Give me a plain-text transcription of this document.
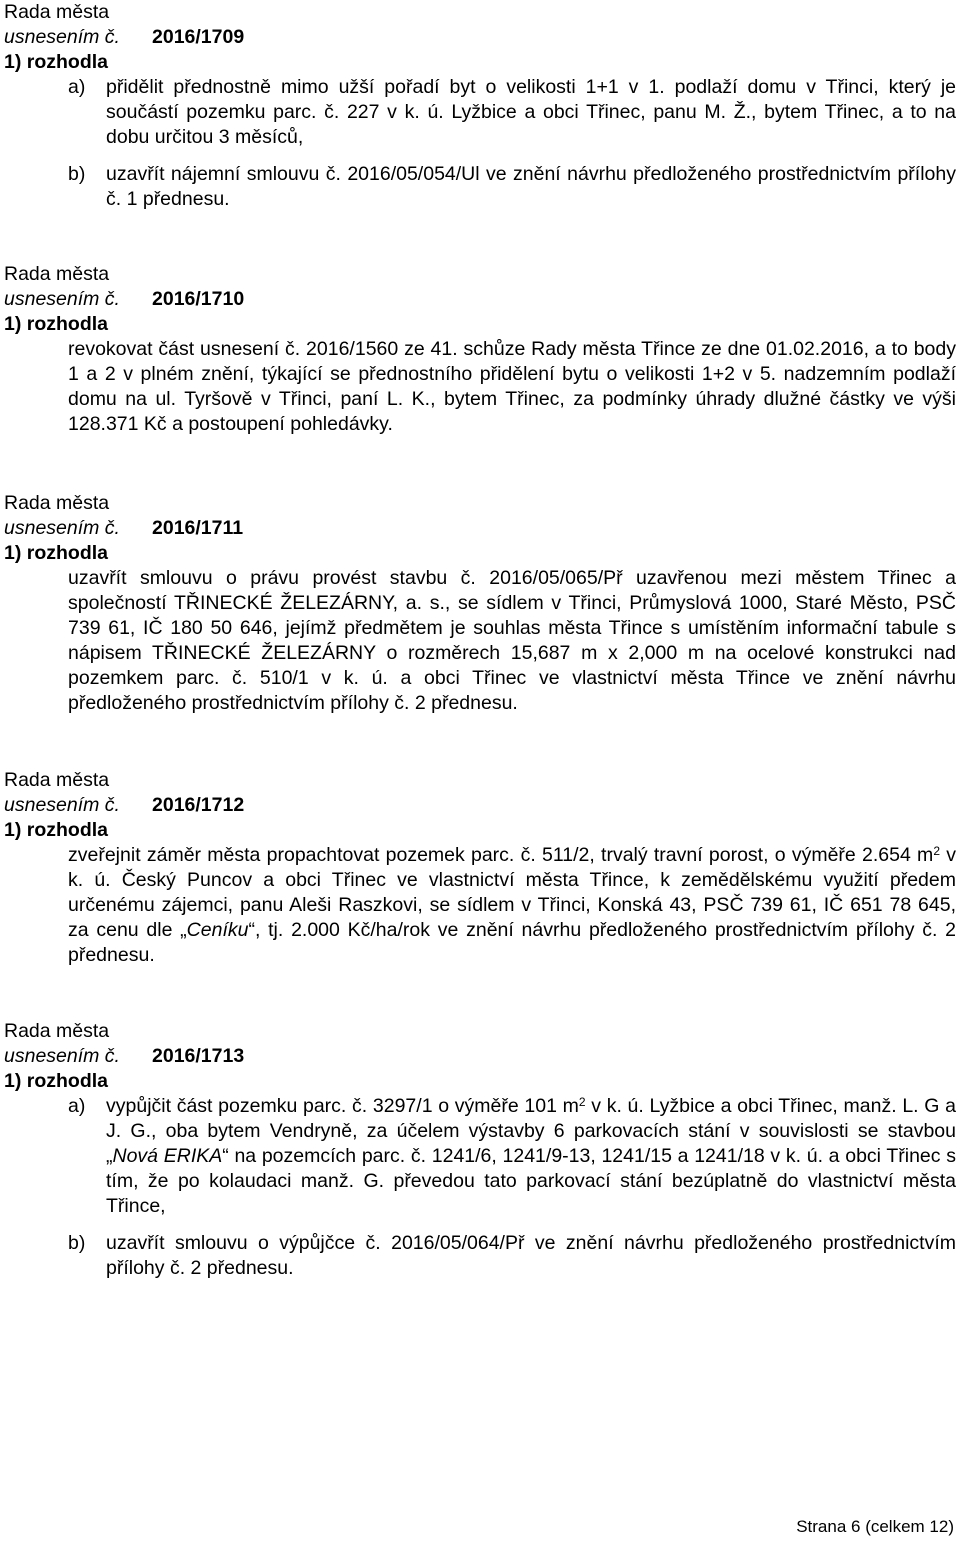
Rada města
usnesením č. 2016/1709
1) rozhodla
a) přidělit přednostně mimo užší pořadí byt o velikosti 1+1 v 1. podlaží domu v Třinci, který je součástí pozemku parc. č. 227 v k. ú. Lyžbice a obci Třinec, panu M. Ž., bytem Třinec, a to na dobu určitou 3 měsíců,
b) uzavřít nájemní smlouvu č. 2016/05/054/Ul ve znění návrhu předloženého prostřednictvím přílohy č. 1 přednesu.
Rada města
usnesením č. 2016/1710
1) rozhodla
revokovat část usnesení č. 2016/1560 ze 41. schůze Rady města Třince ze dne 01.02.2016, a to body 1 a 2 v plném znění, týkající se přednostního přidělení bytu o velikosti 1+2 v 5. nadzemním podlaží domu na ul. Tyršově v Třinci, paní L. K., bytem Třinec, za podmínky úhrady dlužné částky ve výši 128.371 Kč a postoupení pohledávky.
Rada města
usnesením č. 2016/1711
1) rozhodla
uzavřít smlouvu o právu provést stavbu č. 2016/05/065/Př uzavřenou mezi městem Třinec a společností TŘINECKÉ ŽELEZÁRNY, a. s., se sídlem v Třinci, Průmyslová 1000, Staré Město, PSČ 739 61, IČ 180 50 646, jejímž předmětem je souhlas města Třince s umístěním informační tabule s nápisem TŘINECKÉ ŽELEZÁRNY o rozměrech 15,687 m x 2,000 m na ocelové konstrukci nad pozemkem parc. č. 510/1 v k. ú. a obci Třinec ve vlastnictví města Třince ve znění návrhu předloženého prostřednictvím přílohy č. 2 přednesu.
Rada města
usnesením č. 2016/1712
1) rozhodla
zveřejnit záměr města propachtovat pozemek parc. č. 511/2, trvalý travní porost, o výměře 2.654 $m^2$ v k. ú. Český Puncov a obci Třinec ve vlastnictví města Třince, k zemědělskému využití předem určenému zájemci, panu Aleši Raszkovi, se sídlem v Třinci, Konská 43, PSČ 739 61, IČ 651 78 645, za cenu dle „Ceníku“, tj. 2.000 Kč/ha/rok ve znění návrhu předloženého prostřednictvím přílohy č. 2 přednesu.
Rada města
usnesením č. 2016/1713
1) rozhodla
a) vypůjčit část pozemku parc. č. 3297/1 o výměře 101 $m^2$ v k. ú. Lyžbice a obci Třinec, manž. L. G a J. G., oba bytem Vendryně, za účelem výstavby 6 parkovacích stání v souvislosti se stavbou „Nová ERIKA“ na pozemcích parc. č. 1241/6, 1241/9-13, 1241/15 a 1241/18 v k. ú. a obci Třinec s tím, že po kolaudaci manž. G. převedou tato parkovací stání bezúplatně do vlastnictví města Třince,
b) uzavřít smlouvu o výpůjčce č. 2016/05/064/Př ve znění návrhu předloženého prostřednictvím přílohy č. 2 přednesu.
Strana 6 (celkem 12)
